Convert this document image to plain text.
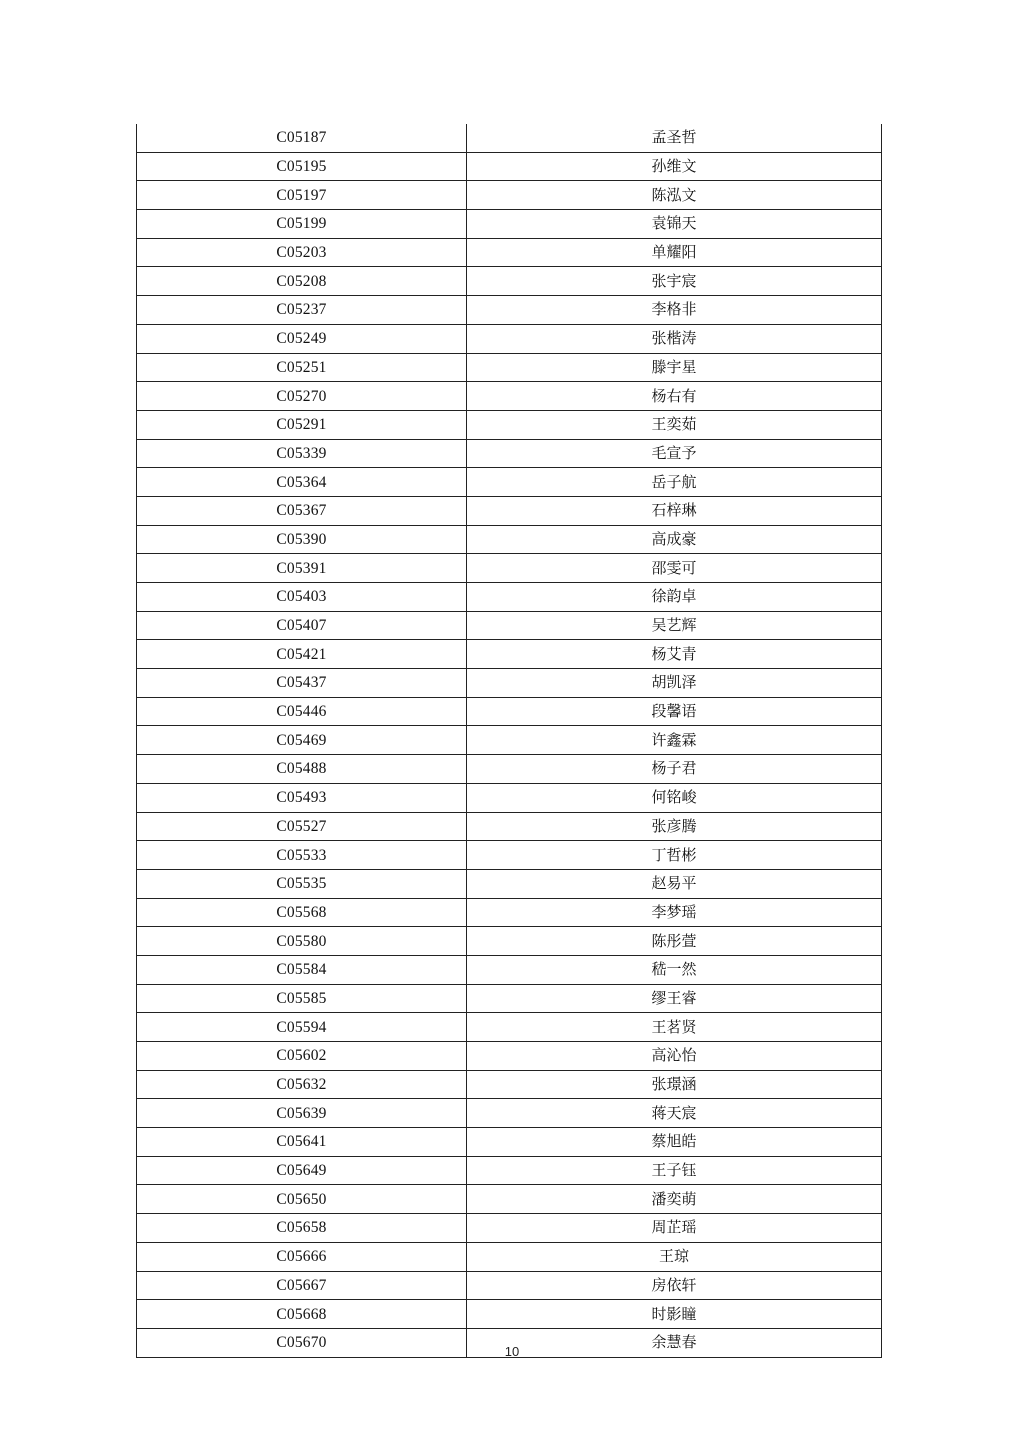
C05187	孟圣哲
C05195	孙维文
C05197	陈泓文
C05199	袁锦天
C05203	单耀阳
C05208	张宇宸
C05237	李格非
C05249	张楷涛
C05251	滕宇星
C05270	杨右有
C05291	王奕茹
C05339	毛宣予
C05364	岳子航
C05367	石梓琳
C05390	高成豪
C05391	邵雯可
C05403	徐韵卓
C05407	吴艺辉
C05421	杨艾青
C05437	胡凯泽
C05446	段馨语
C05469	许鑫霖
C05488	杨子君
C05493	何铭峻
C05527	张彦腾
C05533	丁哲彬
C05535	赵易平
C05568	李梦瑶
C05580	陈彤萱
C05584	嵇一然
C05585	缪王睿
C05594	王茗贤
C05602	高沁怡
C05632	张璟涵
C05639	蒋天宸
C05641	蔡旭皓
C05649	王子钰
C05650	潘奕萌
C05658	周芷瑶
C05666	王琼
C05667	房依轩
C05668	时影瞳
C05670	余慧春
10
